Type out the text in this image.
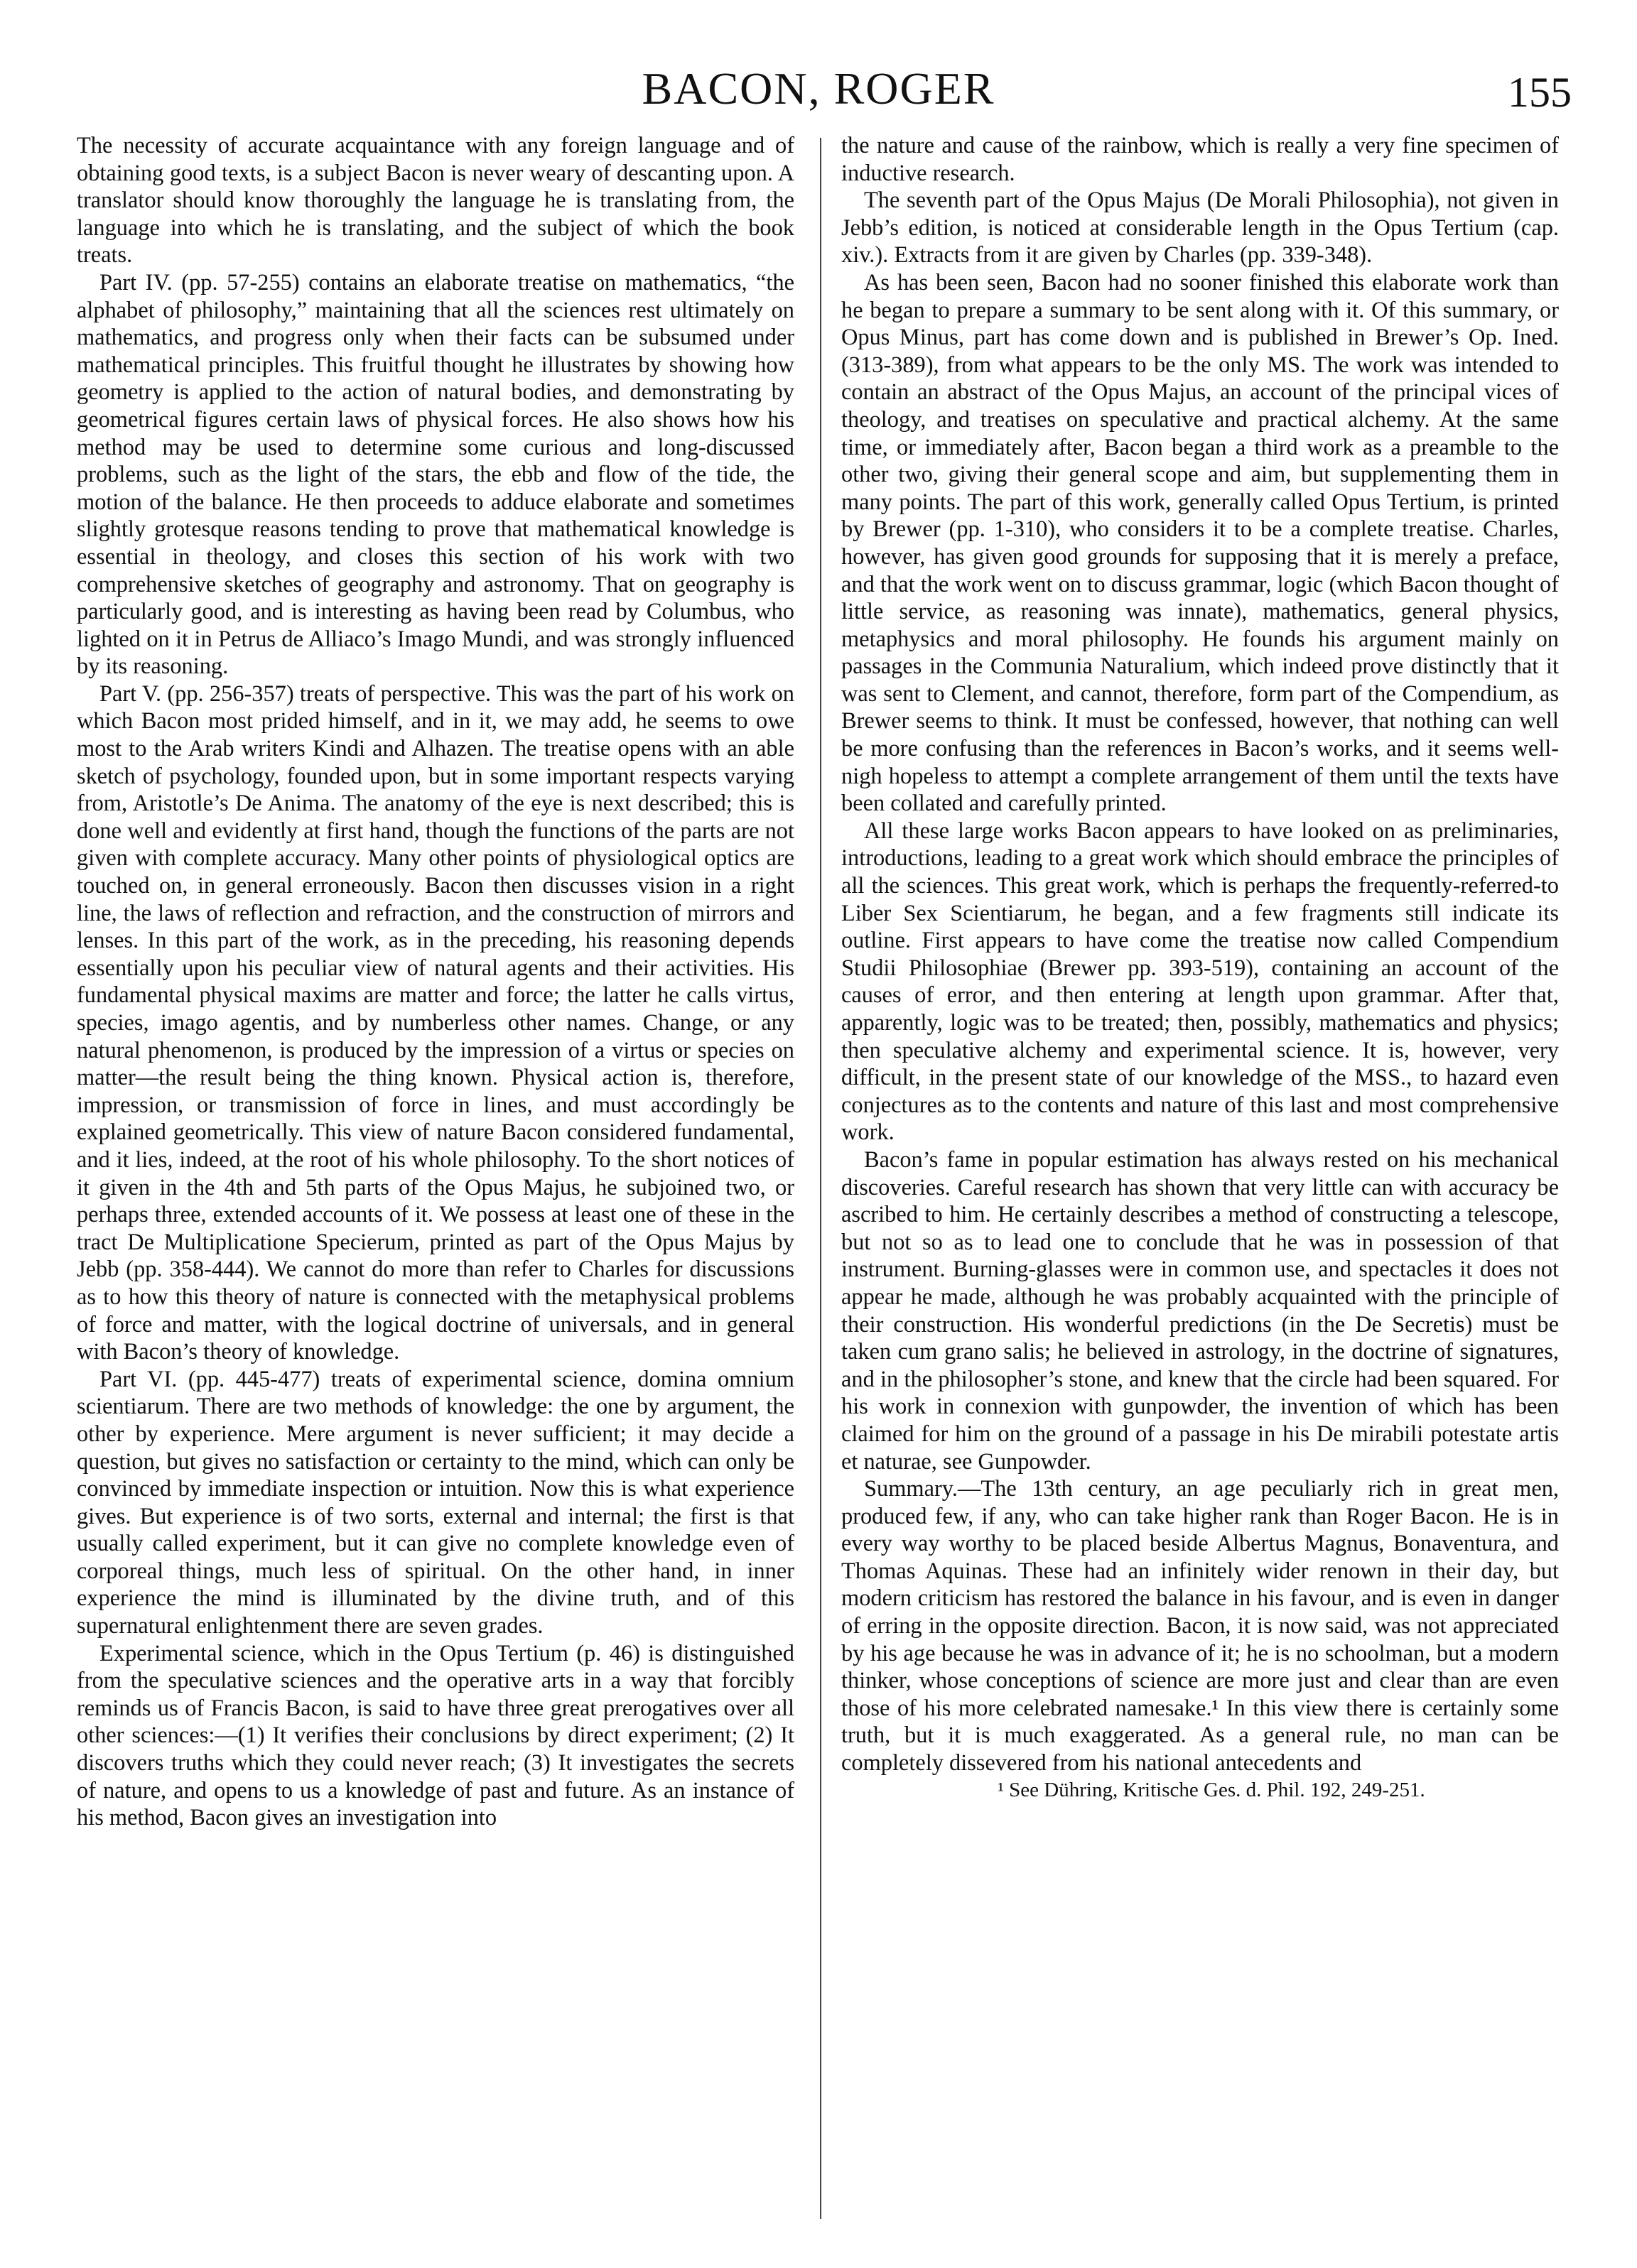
BACON, ROGER	155

The necessity of accurate acquaintance with any foreign language and of obtaining good texts, is a subject Bacon is never weary of descanting upon. A translator should know thoroughly the language he is translating from, the language into which he is translating, and the subject of which the book treats.

Part IV. (pp. 57-255) contains an elaborate treatise on mathematics, “the alphabet of philosophy,” maintaining that all the sciences rest ultimately on mathematics, and progress only when their facts can be subsumed under mathematical principles. This fruitful thought he illustrates by showing how geometry is applied to the action of natural bodies, and demonstrating by geometrical figures certain laws of physical forces. He also shows how his method may be used to determine some curious and long-discussed problems, such as the light of the stars, the ebb and flow of the tide, the motion of the balance. He then proceeds to adduce elaborate and sometimes slightly grotesque reasons tending to prove that mathematical knowledge is essential in theology, and closes this section of his work with two comprehensive sketches of geography and astronomy. That on geography is particularly good, and is interesting as having been read by Columbus, who lighted on it in Petrus de Alliaco’s Imago Mundi, and was strongly influenced by its reasoning.

Part V. (pp. 256-357) treats of perspective. This was the part of his work on which Bacon most prided himself, and in it, we may add, he seems to owe most to the Arab writers Kindi and Alhazen. The treatise opens with an able sketch of psychology, founded upon, but in some important respects varying from, Aristotle’s De Anima. The anatomy of the eye is next described; this is done well and evidently at first hand, though the functions of the parts are not given with complete accuracy. Many other points of physiological optics are touched on, in general erroneously. Bacon then discusses vision in a right line, the laws of reflection and refraction, and the construction of mirrors and lenses. In this part of the work, as in the preceding, his reasoning depends essentially upon his peculiar view of natural agents and their activities. His fundamental physical maxims are matter and force; the latter he calls virtus, species, imago agentis, and by numberless other names. Change, or any natural phenomenon, is produced by the impression of a virtus or species on matter—the result being the thing known. Physical action is, therefore, impression, or transmission of force in lines, and must accordingly be explained geometrically. This view of nature Bacon considered fundamental, and it lies, indeed, at the root of his whole philosophy. To the short notices of it given in the 4th and 5th parts of the Opus Majus, he subjoined two, or perhaps three, extended accounts of it. We possess at least one of these in the tract De Multiplicatione Specierum, printed as part of the Opus Majus by Jebb (pp. 358-444). We cannot do more than refer to Charles for discussions as to how this theory of nature is connected with the metaphysical problems of force and matter, with the logical doctrine of universals, and in general with Bacon’s theory of knowledge.

Part VI. (pp. 445-477) treats of experimental science, domina omnium scientiarum. There are two methods of knowledge: the one by argument, the other by experience. Mere argument is never sufficient; it may decide a question, but gives no satisfaction or certainty to the mind, which can only be convinced by immediate inspection or intuition. Now this is what experience gives. But experience is of two sorts, external and internal; the first is that usually called experiment, but it can give no complete knowledge even of corporeal things, much less of spiritual. On the other hand, in inner experience the mind is illuminated by the divine truth, and of this supernatural enlightenment there are seven grades.

Experimental science, which in the Opus Tertium (p. 46) is distinguished from the speculative sciences and the operative arts in a way that forcibly reminds us of Francis Bacon, is said to have three great prerogatives over all other sciences:—(1) It verifies their conclusions by direct experiment; (2) It discovers truths which they could never reach; (3) It investigates the secrets of nature, and opens to us a knowledge of past and future. As an instance of his method, Bacon gives an investigation into

the nature and cause of the rainbow, which is really a very fine specimen of inductive research.

The seventh part of the Opus Majus (De Morali Philosophia), not given in Jebb’s edition, is noticed at considerable length in the Opus Tertium (cap. xiv.). Extracts from it are given by Charles (pp. 339-348).

As has been seen, Bacon had no sooner finished this elaborate work than he began to prepare a summary to be sent along with it. Of this summary, or Opus Minus, part has come down and is published in Brewer’s Op. Ined. (313-389), from what appears to be the only MS. The work was intended to contain an abstract of the Opus Majus, an account of the principal vices of theology, and treatises on speculative and practical alchemy. At the same time, or immediately after, Bacon began a third work as a preamble to the other two, giving their general scope and aim, but supplementing them in many points. The part of this work, generally called Opus Tertium, is printed by Brewer (pp. 1-310), who considers it to be a complete treatise. Charles, however, has given good grounds for supposing that it is merely a preface, and that the work went on to discuss grammar, logic (which Bacon thought of little service, as reasoning was innate), mathematics, general physics, metaphysics and moral philosophy. He founds his argument mainly on passages in the Communia Naturalium, which indeed prove distinctly that it was sent to Clement, and cannot, therefore, form part of the Compendium, as Brewer seems to think. It must be confessed, however, that nothing can well be more confusing than the references in Bacon’s works, and it seems well-nigh hopeless to attempt a complete arrangement of them until the texts have been collated and carefully printed.

All these large works Bacon appears to have looked on as preliminaries, introductions, leading to a great work which should embrace the principles of all the sciences. This great work, which is perhaps the frequently-referred-to Liber Sex Scientiarum, he began, and a few fragments still indicate its outline. First appears to have come the treatise now called Compendium Studii Philosophiae (Brewer pp. 393-519), containing an account of the causes of error, and then entering at length upon grammar. After that, apparently, logic was to be treated; then, possibly, mathematics and physics; then speculative alchemy and experimental science. It is, however, very difficult, in the present state of our knowledge of the MSS., to hazard even conjectures as to the contents and nature of this last and most comprehensive work.

Bacon’s fame in popular estimation has always rested on his mechanical discoveries. Careful research has shown that very little can with accuracy be ascribed to him. He certainly describes a method of constructing a telescope, but not so as to lead one to conclude that he was in possession of that instrument. Burning-glasses were in common use, and spectacles it does not appear he made, although he was probably acquainted with the principle of their construction. His wonderful predictions (in the De Secretis) must be taken cum grano salis; he believed in astrology, in the doctrine of signatures, and in the philosopher’s stone, and knew that the circle had been squared. For his work in connexion with gunpowder, the invention of which has been claimed for him on the ground of a passage in his De mirabili potestate artis et naturae, see Gunpowder.

Summary.—The 13th century, an age peculiarly rich in great men, produced few, if any, who can take higher rank than Roger Bacon. He is in every way worthy to be placed beside Albertus Magnus, Bonaventura, and Thomas Aquinas. These had an infinitely wider renown in their day, but modern criticism has restored the balance in his favour, and is even in danger of erring in the opposite direction. Bacon, it is now said, was not appreciated by his age because he was in advance of it; he is no schoolman, but a modern thinker, whose conceptions of science are more just and clear than are even those of his more celebrated namesake.¹ In this view there is certainly some truth, but it is much exaggerated. As a general rule, no man can be completely dissevered from his national antecedents and

¹ See Dühring, Kritische Ges. d. Phil. 192, 249-251.
